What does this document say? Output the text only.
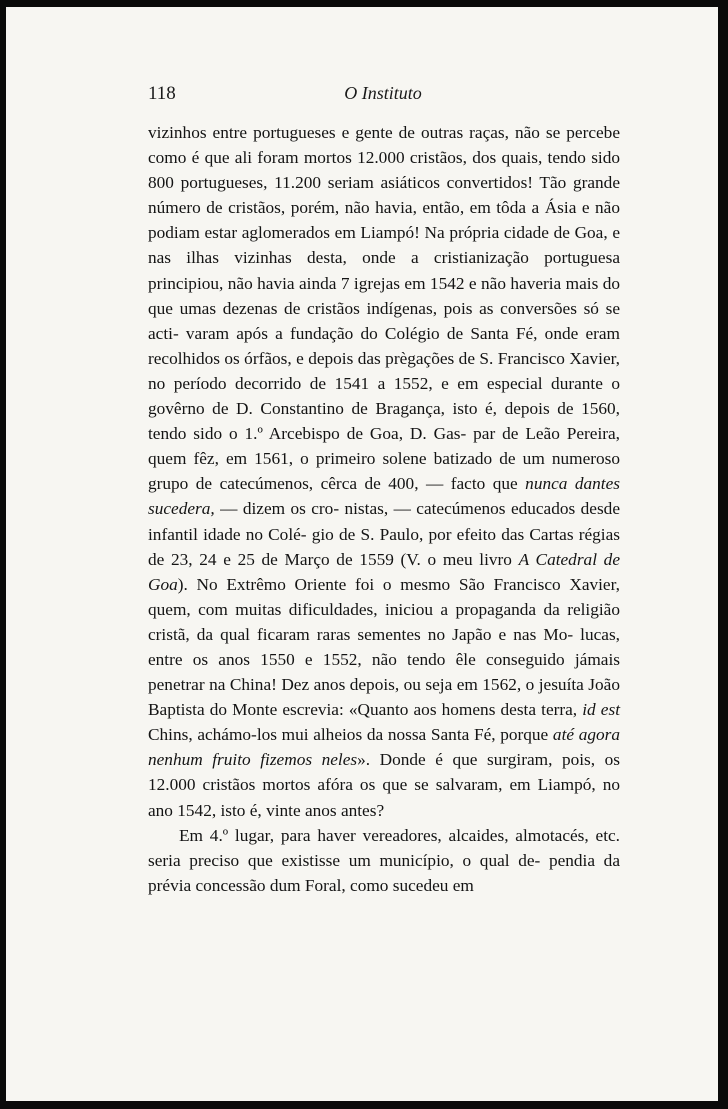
118	O Instituto

vizinhos entre portugueses e gente de outras raças, não se percebe como é que ali foram mortos 12.000 cristãos, dos quais, tendo sido 800 portugueses, 11.200 seriam asiáticos convertidos! Tão grande número de cristãos, porém, não havia, então, em tôda a Ásia e não podiam estar aglomerados em Liampó! Na própria cidade de Goa, e nas ilhas vizinhas desta, onde a cristianização portuguesa principiou, não havia ainda 7 igrejas em 1542 e não haveria mais do que umas dezenas de cristãos indígenas, pois as conversões só se acti- varam após a fundação do Colégio de Santa Fé, onde eram recolhidos os órfãos, e depois das prègações de S. Francisco Xavier, no período decorrido de 1541 a 1552, e em especial durante o govêrno de D. Constantino de Bragança, isto é, depois de 1560, tendo sido o 1.º Arcebispo de Goa, D. Gas- par de Leão Pereira, quem fêz, em 1561, o primeiro solene batizado de um numeroso grupo de catecúmenos, cêrca de 400, — facto que nunca dantes sucedera, — dizem os cro- nistas, — catecúmenos educados desde infantil idade no Colé- gio de S. Paulo, por efeito das Cartas régias de 23, 24 e 25 de Março de 1559 (V. o meu livro A Catedral de Goa). No Extrêmo Oriente foi o mesmo São Francisco Xavier, quem, com muitas dificuldades, iniciou a propaganda da religião cristã, da qual ficaram raras sementes no Japão e nas Mo- lucas, entre os anos 1550 e 1552, não tendo êle conseguido jámais penetrar na China! Dez anos depois, ou seja em 1562, o jesuíta João Baptista do Monte escrevia: «Quanto aos homens desta terra, id est Chins, achámo-los mui alheios da nossa Santa Fé, porque até agora nenhum fruito fizemos neles». Donde é que surgiram, pois, os 12.000 cristãos mortos afóra os que se salvaram, em Liampó, no ano 1542, isto é, vinte anos antes?

Em 4.º lugar, para haver vereadores, alcaides, almotacés, etc. seria preciso que existisse um município, o qual de- pendia da prévia concessão dum Foral, como sucedeu em
